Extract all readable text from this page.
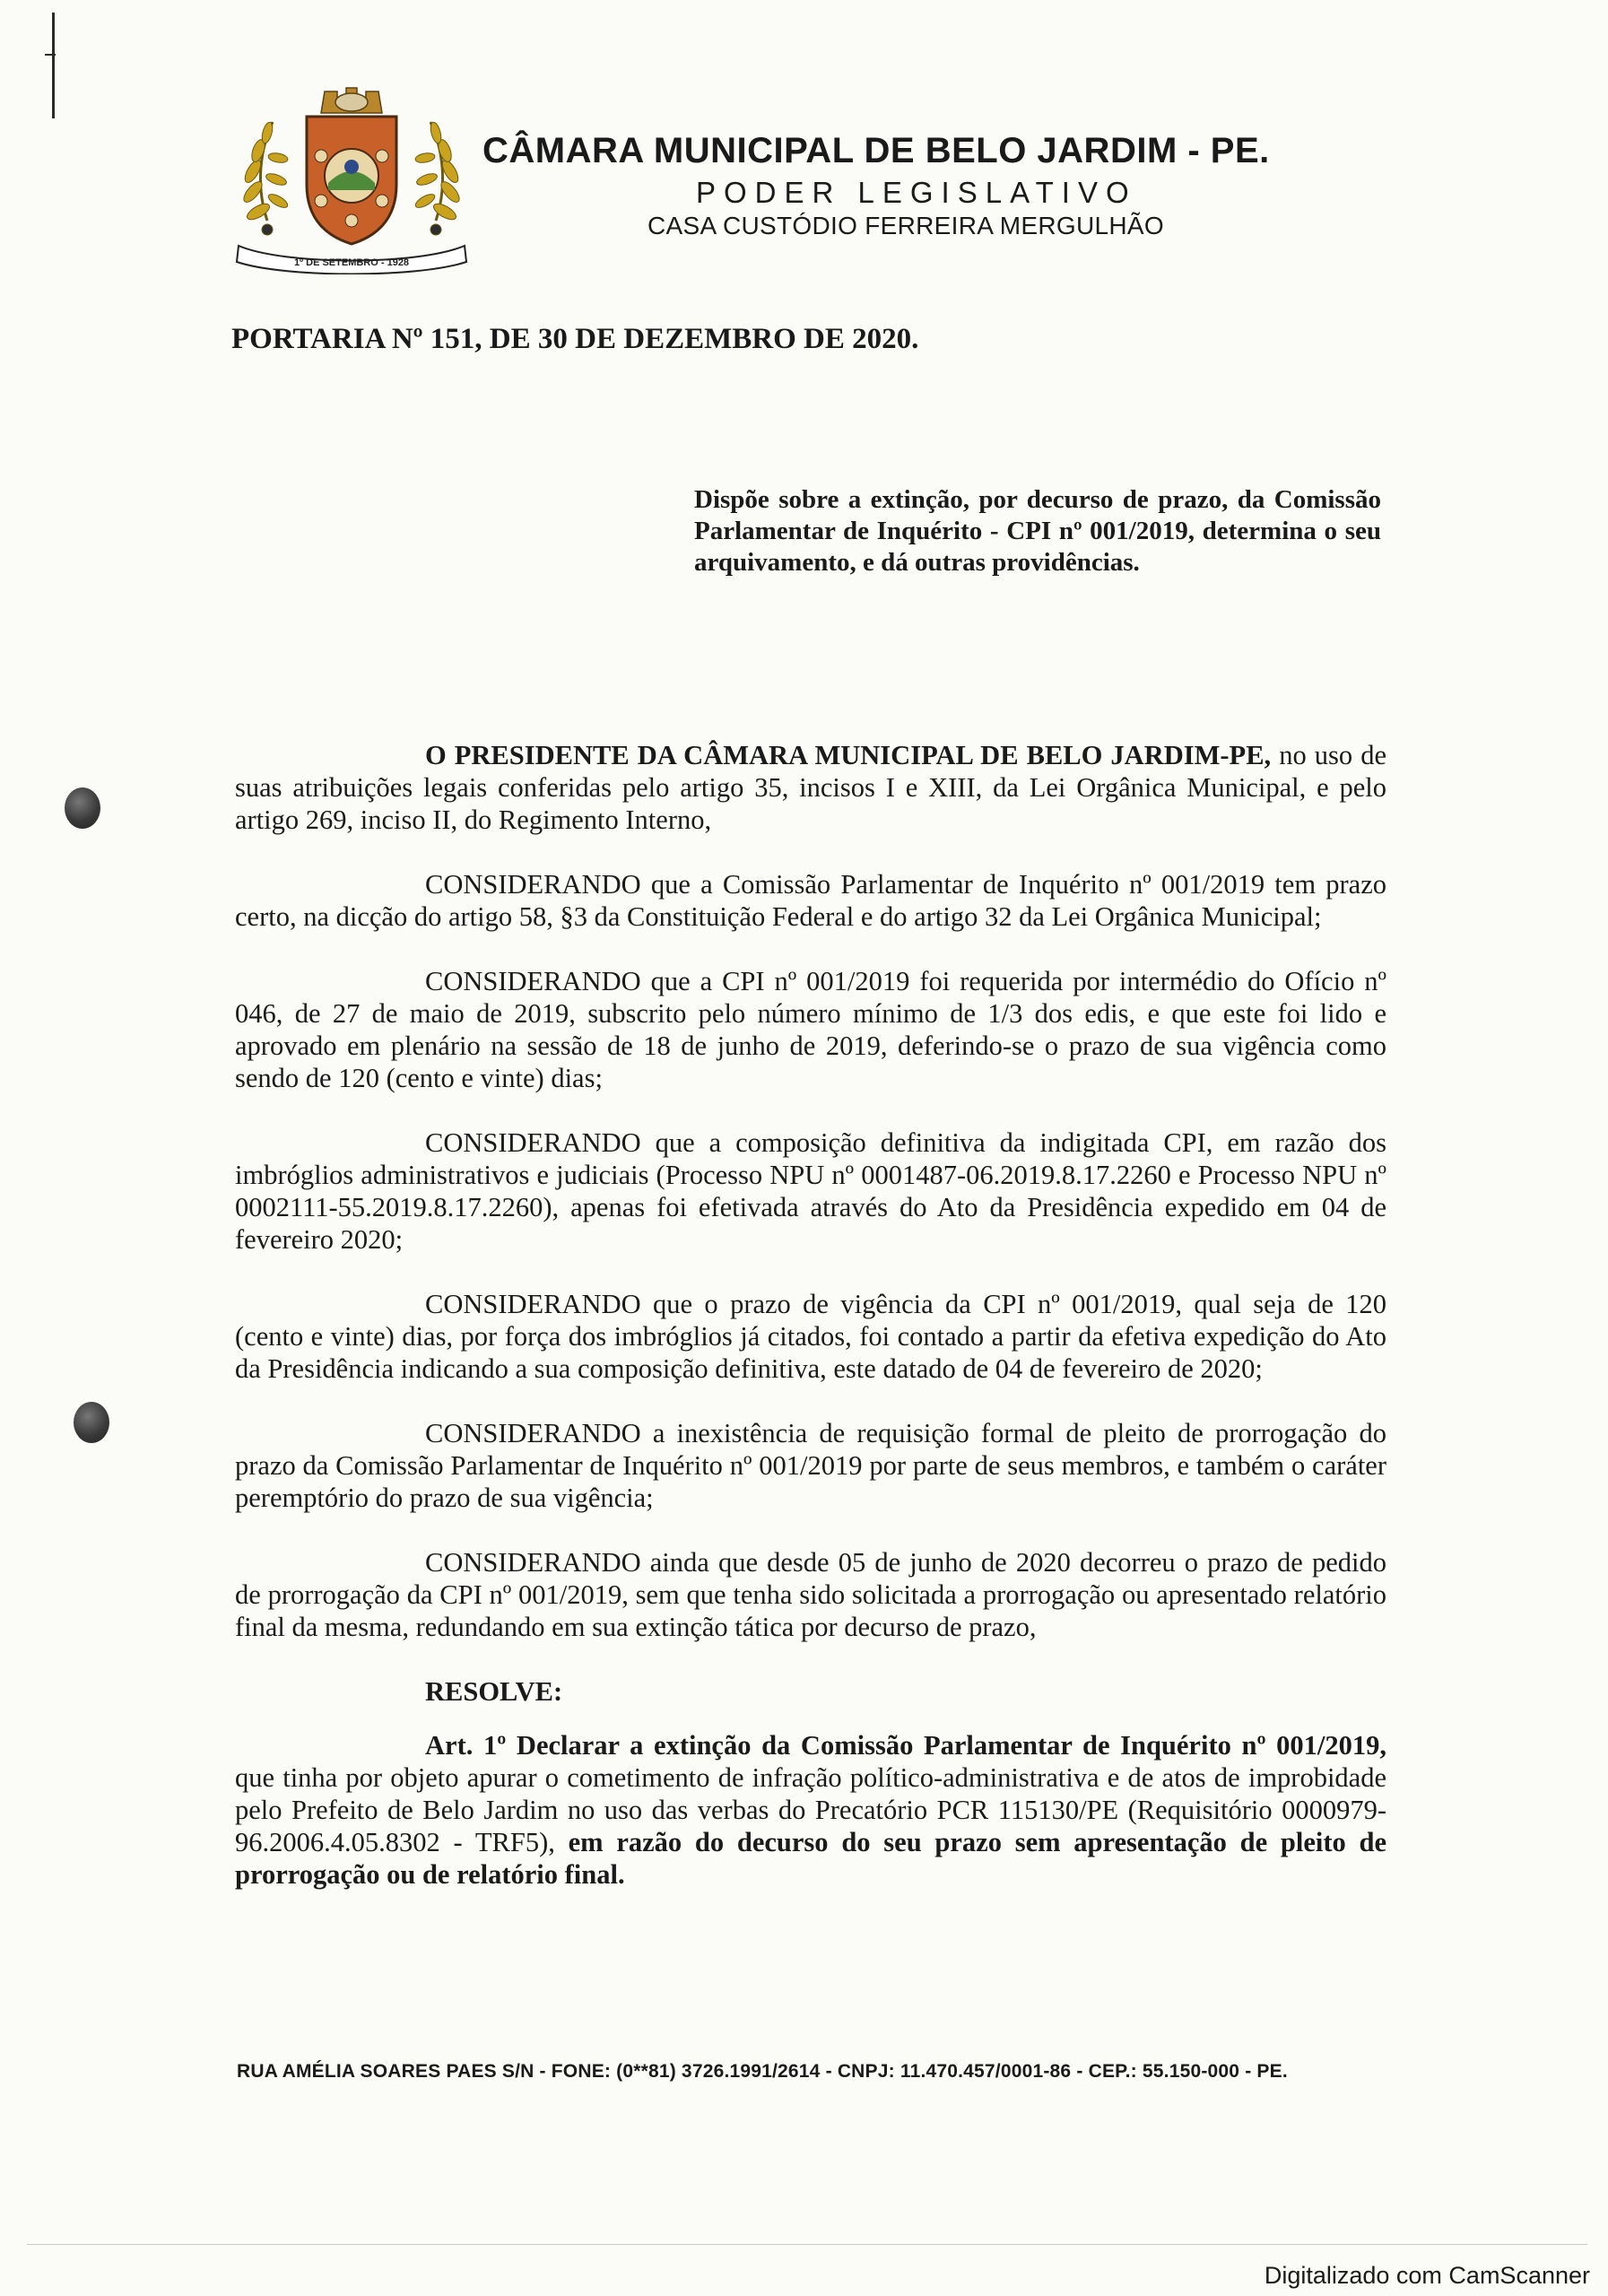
1º DE SETEMBRO - 1928
CÂMARA MUNICIPAL DE BELO JARDIM - PE.
PODER LEGISLATIVO
CASA CUSTÓDIO FERREIRA MERGULHÃO
PORTARIA Nº 151, DE 30 DE DEZEMBRO DE 2020.
Dispõe sobre a extinção, por decurso de prazo, da Comissão Parlamentar de Inquérito - CPI nº 001/2019, determina o seu arquivamento, e dá outras providências.

O PRESIDENTE DA CÂMARA MUNICIPAL DE BELO JARDIM-PE, no uso de suas atribuições legais conferidas pelo artigo 35, incisos I e XIII, da Lei Orgânica Municipal, e pelo artigo 269, inciso II, do Regimento Interno,

CONSIDERANDO que a Comissão Parlamentar de Inquérito nº 001/2019 tem prazo certo, na dicção do artigo 58, §3 da Constituição Federal e do artigo 32 da Lei Orgânica Municipal;

CONSIDERANDO que a CPI nº 001/2019 foi requerida por intermédio do Ofício nº 046, de 27 de maio de 2019, subscrito pelo número mínimo de 1/3 dos edis, e que este foi lido e aprovado em plenário na sessão de 18 de junho de 2019, deferindo-se o prazo de sua vigência como sendo de 120 (cento e vinte) dias;

CONSIDERANDO que a composição definitiva da indigitada CPI, em razão dos imbróglios administrativos e judiciais (Processo NPU nº 0001487-06.2019.8.17.2260 e Processo NPU nº 0002111-55.2019.8.17.2260), apenas foi efetivada através do Ato da Presidência expedido em 04 de fevereiro 2020;

CONSIDERANDO que o prazo de vigência da CPI nº 001/2019, qual seja de 120 (cento e vinte) dias, por força dos imbróglios já citados, foi contado a partir da efetiva expedição do Ato da Presidência indicando a sua composição definitiva, este datado de 04 de fevereiro de 2020;

CONSIDERANDO a inexistência de requisição formal de pleito de prorrogação do prazo da Comissão Parlamentar de Inquérito nº 001/2019 por parte de seus membros, e também o caráter peremptório do prazo de sua vigência;

CONSIDERANDO ainda que desde 05 de junho de 2020 decorreu o prazo de pedido de prorrogação da CPI nº 001/2019, sem que tenha sido solicitada a prorrogação ou apresentado relatório final da mesma, redundando em sua extinção tática por decurso de prazo,

RESOLVE:

Art. 1º Declarar a extinção da Comissão Parlamentar de Inquérito nº 001/2019, que tinha por objeto apurar o cometimento de infração político-administrativa e de atos de improbidade pelo Prefeito de Belo Jardim no uso das verbas do Precatório PCR 115130/PE (Requisitório 0000979-96.2006.4.05.8302 - TRF5), em razão do decurso do seu prazo sem apresentação de pleito de prorrogação ou de relatório final.

RUA AMÉLIA SOARES PAES S/N - FONE: (0**81) 3726.1991/2614 - CNPJ: 11.470.457/0001-86 - CEP.: 55.150-000 - PE.
Digitalizado com CamScanner
